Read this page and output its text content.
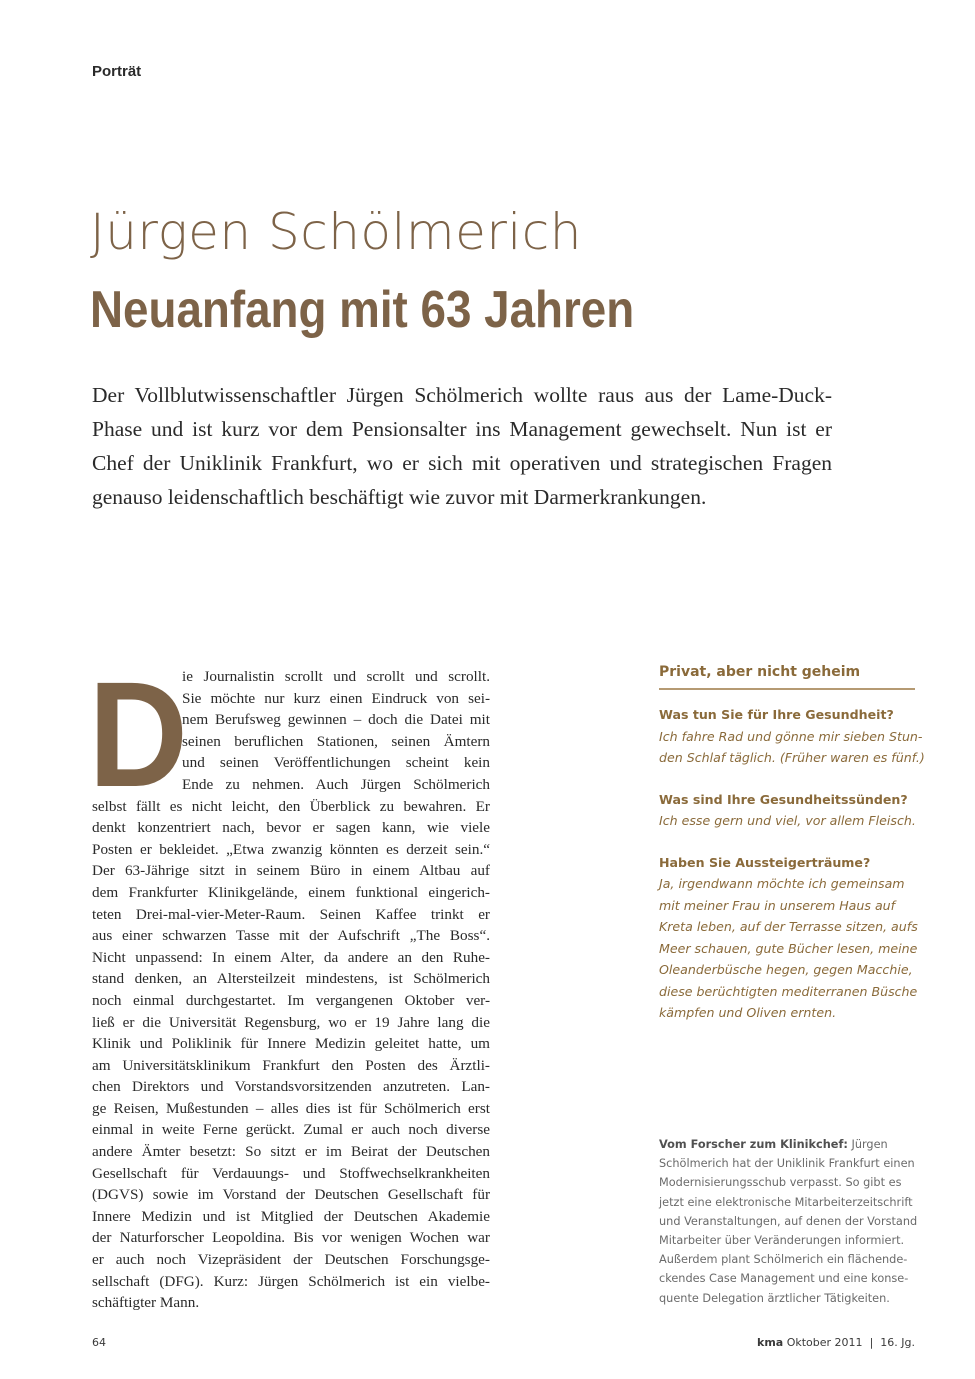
Porträt
Jürgen Schölmerich
Neuanfang mit 63 Jahren
Der Vollblutwissenschaftler Jürgen Schölmerich wollte raus aus der Lame-Duck-
Phase und ist kurz vor dem Pensionsalter ins Management gewechselt. Nun ist er
Chef der Uniklinik Frankfurt, wo er sich mit operativen und strategischen Fragen
genauso leidenschaftlich beschäftigt wie zuvor mit Darmerkrankungen.
D
ie Journalistin scrollt und scrollt und scrollt.
Sie möchte nur kurz einen Eindruck von sei-
nem Berufsweg gewinnen – doch die Datei mit
seinen beruflichen Stationen, seinen Ämtern
und seinen Veröffentlichungen scheint kein
Ende zu nehmen. Auch Jürgen Schölmerich
selbst fällt es nicht leicht, den Überblick zu bewahren. Er
denkt konzentriert nach, bevor er sagen kann, wie viele
Posten er bekleidet. „Etwa zwanzig könnten es derzeit sein.“
Der 63-Jährige sitzt in seinem Büro in einem Altbau auf
dem Frankfurter Klinikgelände, einem funktional eingerich-
teten Drei-mal-vier-Meter-Raum. Seinen Kaffee trinkt er
aus einer schwarzen Tasse mit der Aufschrift „The Boss“.
Nicht unpassend: In einem Alter, da andere an den Ruhe-
stand denken, an Altersteilzeit mindestens, ist Schölmerich
noch einmal durchgestartet. Im vergangenen Oktober ver-
ließ er die Universität Regensburg, wo er 19 Jahre lang die
Klinik und Poliklinik für Innere Medizin geleitet hatte, um
am Universitätsklinikum Frankfurt den Posten des Ärztli-
chen Direktors und Vorstandsvorsitzenden anzutreten. Lan-
ge Reisen, Mußestunden – alles dies ist für Schölmerich erst
einmal in weite Ferne gerückt. Zumal er auch noch diverse
andere Ämter besetzt: So sitzt er im Beirat der Deutschen
Gesellschaft für Verdauungs- und Stoffwechselkrankheiten
(DGVS) sowie im Vorstand der Deutschen Gesellschaft für
Innere Medizin und ist Mitglied der Deutschen Akademie
der Naturforscher Leopoldina. Bis vor wenigen Wochen war
er auch noch Vizepräsident der Deutschen Forschungsge-
sellschaft (DFG). Kurz: Jürgen Schölmerich ist ein vielbe-
schäftigter Mann.
Privat, aber nicht geheim
Was tun Sie für Ihre Gesundheit?
Ich fahre Rad und gönne mir sieben Stun-
den Schlaf täglich. (Früher waren es fünf.)
Was sind Ihre Gesundheitssünden?
Ich esse gern und viel, vor allem Fleisch.
Haben Sie Aussteigerträume?
Ja, irgendwann möchte ich gemeinsam
mit meiner Frau in unserem Haus auf
Kreta leben, auf der Terrasse sitzen, aufs
Meer schauen, gute Bücher lesen, meine
Oleanderbüsche hegen, gegen Macchie,
diese berüchtigten mediterranen Büsche
kämpfen und Oliven ernten.
Vom Forscher zum Klinikchef: Jürgen
Schölmerich hat der Uniklinik Frankfurt einen
Modernisierungsschub verpasst. So gibt es
jetzt eine elektronische Mitarbeiterzeitschrift
und Veranstaltungen, auf denen der Vorstand
Mitarbeiter über Veränderungen informiert.
Außerdem plant Schölmerich ein flächende-
ckendes Case Management und eine konse-
quente Delegation ärztlicher Tätigkeiten.
64	kma Oktober 2011 | 16. Jg.
